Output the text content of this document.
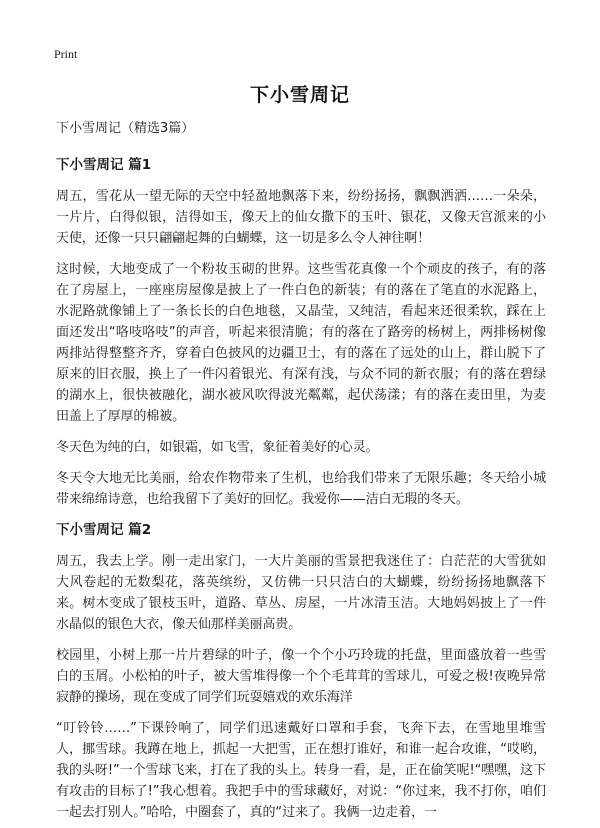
Print
下小雪周记
下小雪周记（精选3篇）
下小雪周记 篇1

周五，雪花从一望无际的天空中轻盈地飘落下来，纷纷扬扬，飘飘洒洒……一朵朵，一片片，白得似银，洁得如玉，像天上的仙女撒下的玉叶、银花，又像天宫派来的小天使，还像一只只翩翩起舞的白蝴蝶，这一切是多么令人神往啊！

这时候，大地变成了一个粉妆玉砌的世界。这些雪花真像一个个顽皮的孩子，有的落在了房屋上，一座座房屋像是披上了一件白色的新装；有的落在了笔直的水泥路上，水泥路就像铺上了一条长长的白色地毯，又晶莹，又纯洁，看起来还很柔软，踩在上面还发出“咯吱咯吱”的声音，听起来很清脆；有的落在了路旁的杨树上，两排杨树像两排站得整整齐齐，穿着白色披风的边疆卫士，有的落在了远处的山上，群山脱下了原来的旧衣服，换上了一件闪着银光、有深有浅，与众不同的新衣服；有的落在碧绿的湖水上，很快被融化，湖水被风吹得波光粼粼，起伏荡漾；有的落在麦田里，为麦田盖上了厚厚的棉被。

冬天色为纯的白，如银霜，如飞雪，象征着美好的心灵。

冬天令大地无比美丽，给农作物带来了生机，也给我们带来了无限乐趣；冬天给小城带来绵绵诗意，也给我留下了美好的回忆。我爱你——洁白无瑕的冬天。

下小雪周记 篇2

周五，我去上学。刚一走出家门，一大片美丽的雪景把我迷住了：白茫茫的大雪犹如大风卷起的无数梨花，落英缤纷，又仿佛一只只洁白的大蝴蝶，纷纷扬扬地飘落下来。树木变成了银枝玉叶，道路、草丛、房屋，一片冰清玉洁。大地妈妈披上了一件水晶似的银色大衣，像天仙那样美丽高贵。

校园里，小树上那一片片碧绿的叶子，像一个个小巧玲珑的托盘，里面盛放着一些雪白的玉屑。小松柏的叶子，被大雪堆得像一个个毛茸茸的雪球儿，可爱之极!夜晚异常寂静的操场，现在变成了同学们玩耍嬉戏的欢乐海洋

“叮铃铃……”下课铃响了，同学们迅速戴好口罩和手套，飞奔下去，在雪地里堆雪人，挪雪球。我蹲在地上，抓起一大把雪，正在想打谁好，和谁一起合攻谁，“哎哟，我的头呀!”一个雪球飞来，打在了我的头上。转身一看，是，正在偷笑呢!“嘿嘿，这下有攻击的目标了!”我心想着。我把手中的雪球藏好，对说：“你过来，我不打你，咱们一起去打别人。”哈哈，中圈套了，真的“过来了。我俩一边走着，一
